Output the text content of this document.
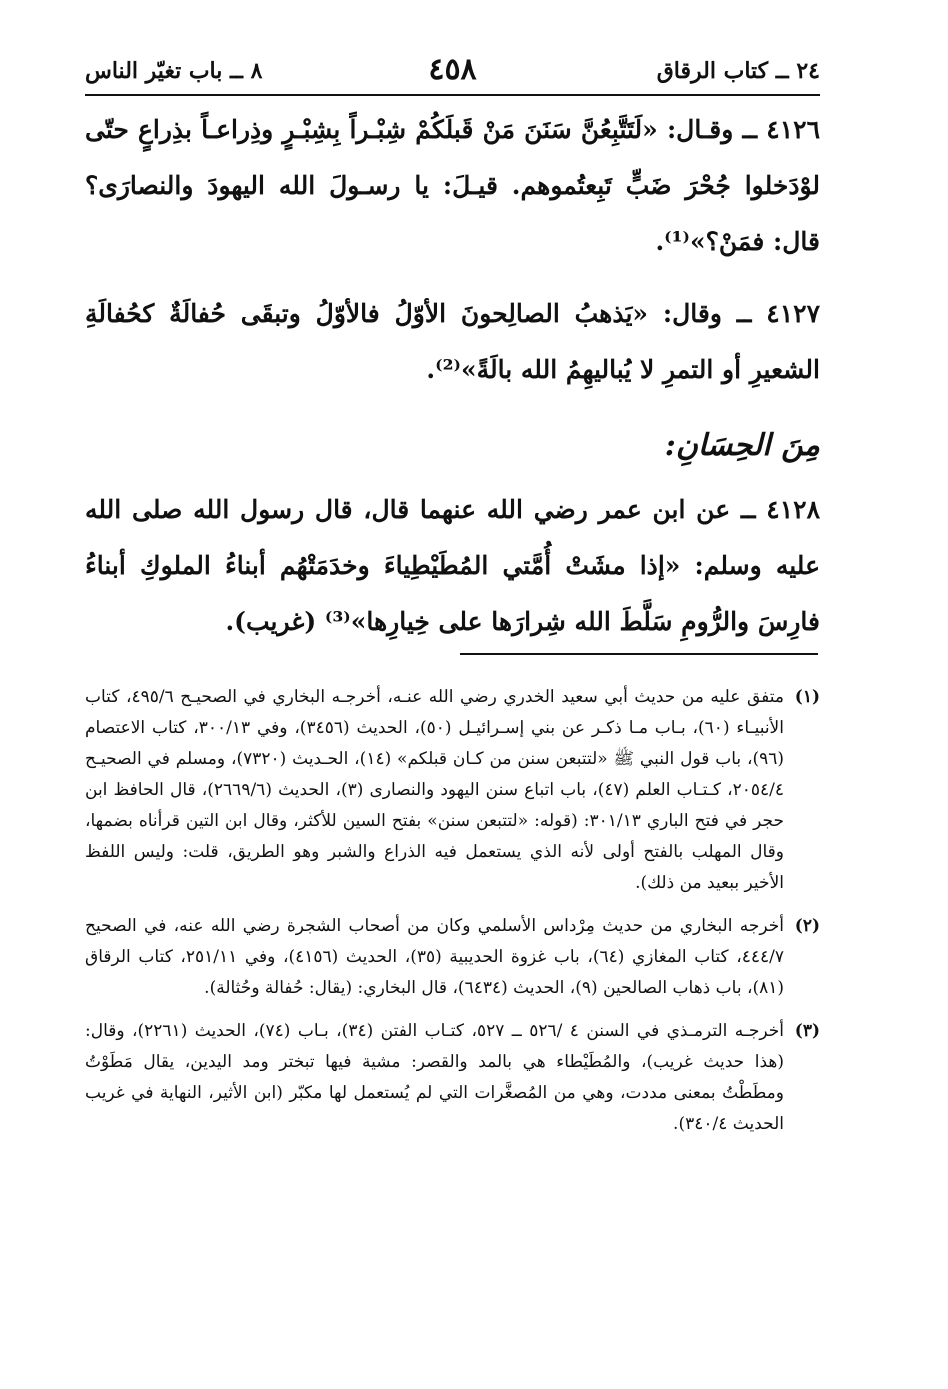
٢٤ ــ كتاب الرقاق
٤٥٨
٨ ــ باب تغيّر الناس

٤١٢٦ ــ وقـال: «لَتَتَّبِعُنَّ سَنَنَ مَنْ قَبلَكُمْ شِبْـراً بِشِبْـرٍ وذِراعـاً بذِراعٍ حتّى لوْدَخلوا جُحْرَ ضَبٍّ تَبِعتُموهم. قيـلَ: يا رسـولَ الله اليهودَ والنصارَى؟ قال: فمَنْ؟»⁽¹⁾.

٤١٢٧ ــ وقال: «يَذهبُ الصالِحونَ الأوّلُ فالأوّلُ وتبقَى حُفالَةٌ كحُفالَةِ الشعيرِ أو التمرِ لا يُباليهِمُ الله بالَةً»⁽²⁾.

مِنَ الحِسَانِ:

٤١٢٨ ــ عن ابن عمر رضي الله عنهما قال، قال رسول الله صلى الله عليه وسلم: «إذا مشَتْ أُمَّتي المُطَيْطِياءَ وخدَمَتْهُم أبناءُ الملوكِ أبناءُ فارِسَ والرُّومِ سَلَّطَ الله شِرارَها على خِيارِها»⁽³⁾ (غريب).

(١)
متفق عليه من حديث أبي سعيد الخدري رضي الله عنـه، أخرجـه البخاري في الصحيـح ٤٩٥/٦، كتاب الأنبيـاء (٦٠)، بـاب مـا ذكـر عن بني إسـرائيـل (٥٠)، الحديث (٣٤٥٦)، وفي ٣٠٠/١٣، كتاب الاعتصام (٩٦)، باب قول النبي ﷺ «لتتبعن سنن من كـان قبلكم» (١٤)، الحـديث (٧٣٢٠)، ومسلم في الصحيـح ٢٠٥٤/٤، كـتـاب العلم (٤٧)، باب اتباع سنن اليهود والنصارى (٣)، الحديث (٢٦٦٩/٦)، قال الحافظ ابن حجر في فتح الباري ٣٠١/١٣: (قوله: «لتتبعن سنن» بفتح السين للأكثر، وقال ابن التين قرأناه بضمها، وقال المهلب بالفتح أولى لأنه الذي يستعمل فيه الذراع والشبر وهو الطريق، قلت: وليس اللفظ الأخير ببعيد من ذلك).
(٢)
أخرجه البخاري من حديث مِرْداس الأسلمي وكان من أصحاب الشجرة رضي الله عنه، في الصحيح ٤٤٤/٧، كتاب المغازي (٦٤)، باب غزوة الحديبية (٣٥)، الحديث (٤١٥٦)، وفي ٢٥١/١١، كتاب الرقاق (٨١)، باب ذهاب الصالحين (٩)، الحديث (٦٤٣٤)، قال البخاري: (يقال: حُفالة وحُثالة).
(٣)
أخرجـه الترمـذي في السنن ٤ /٥٢٦ ــ ٥٢٧، كتـاب الفتن (٣٤)، بـاب (٧٤)، الحديث (٢٢٦١)، وقال: (هذا حديث غريب)، والمُطَيْطاء هي بالمد والقصر: مشية فيها تبختر ومد اليدين، يقال مَطَوْتُ ومطَطْتُ بمعنى مددت، وهي من المُصغَّرات التي لم يُستعمل لها مكبّر (ابن الأثير، النهاية في غريب الحديث ٣٤٠/٤).
